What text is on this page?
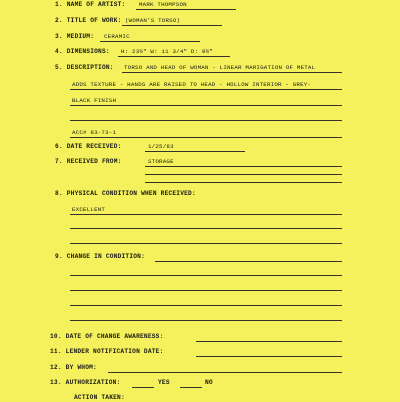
1. NAME OF ARTIST: MARK THOMPSON
2. TITLE OF WORK: (WOMAN'S TORSO)
3. MEDIUM: CERAMIC
4. DIMENSIONS: H: 23½" W: 11 3/4" D: 9½"
5. DESCRIPTION: TORSO AND HEAD OF WOMAN - LINEAR MARIGATION OF METAL
ADDS TEXTURE - HANDS ARE RAISED TO HEAD - HOLLOW INTERIOR - GREY-
BLACK FINISH
ACC# 83-73-1
6. DATE RECEIVED:	1/25/83
7. RECEIVED FROM:	STORAGE
8. PHYSICAL CONDITION WHEN RECEIVED:
EXCELLENT
9. CHANGE IN CONDITION:
10. DATE OF CHANGE AWARENESS:
11. LENDER NOTIFICATION DATE:
12. BY WHOM:
13. AUTHORIZATION:	YES	NO
ACTION TAKEN:
